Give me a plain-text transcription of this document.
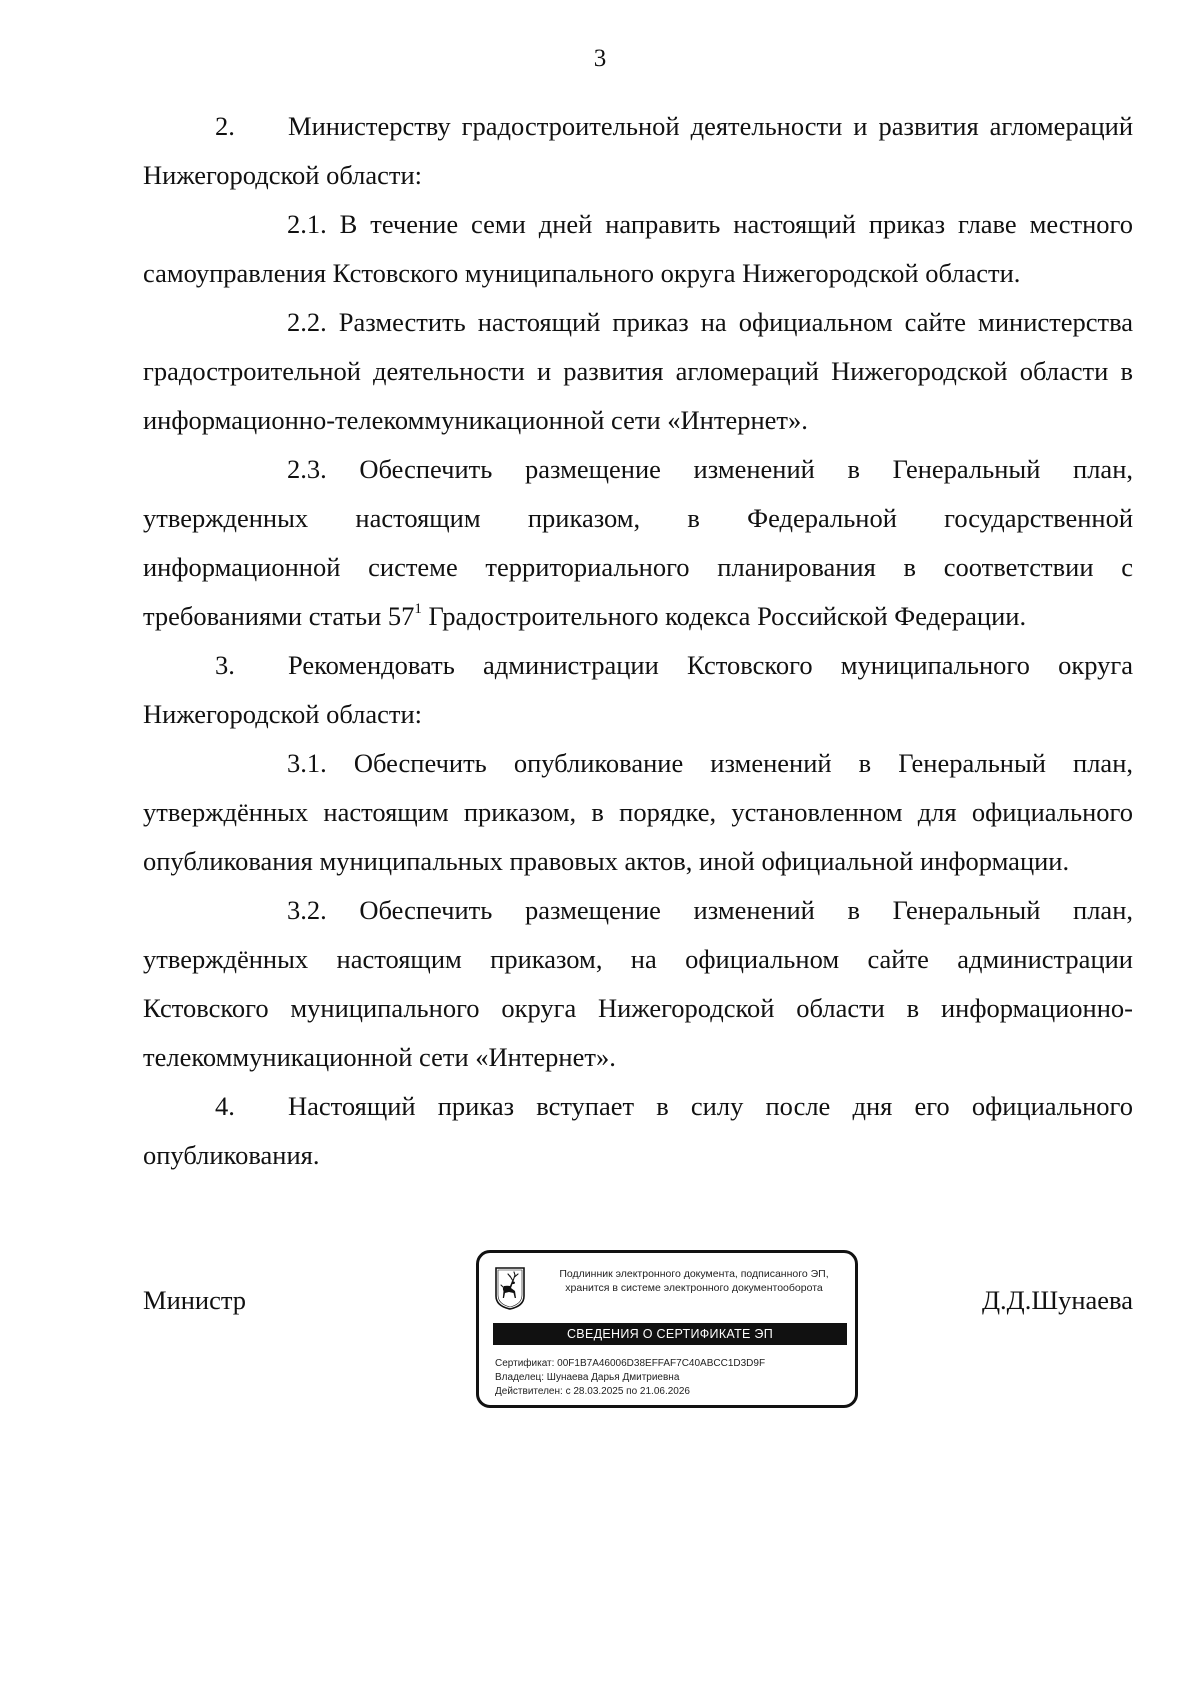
3

2. Министерству градостроительной деятельности и развития агломераций Нижегородской области:

2.1. В течение семи дней направить настоящий приказ главе местного самоуправления Кстовского муниципального округа Нижегородской области.

2.2. Разместить настоящий приказ на официальном сайте министерства градостроительной деятельности и развития агломераций Нижегородской области в информационно-телекоммуникационной сети «Интернет».

2.3. Обеспечить размещение изменений в Генеральный план, утвержденных настоящим приказом, в Федеральной государственной информационной системе территориального планирования в соответствии с требованиями статьи $57^1$ Градостроительного кодекса Российской Федерации.

3. Рекомендовать администрации Кстовского муниципального округа Нижегородской области:

3.1. Обеспечить опубликование изменений в Генеральный план, утверждённых настоящим приказом, в порядке, установленном для официального опубликования муниципальных правовых актов, иной официальной информации.

3.2. Обеспечить размещение изменений в Генеральный план, утверждённых настоящим приказом, на официальном сайте администрации Кстовского муниципального округа Нижегородской области в информационно-телекоммуникационной сети «Интернет».

4. Настоящий приказ вступает в силу после дня его официального опубликования.

Министр
Подлинник электронного документа, подписанного ЭП,
хранится в системе электронного документооборота
СВЕДЕНИЯ О СЕРТИФИКАТЕ ЭП
Сертификат: 00F1B7A46006D38EFFAF7C40ABCC1D3D9F
Владелец: Шунаева Дарья Дмитриевна
Действителен: с 28.03.2025 по 21.06.2026
Д.Д.Шунаева
